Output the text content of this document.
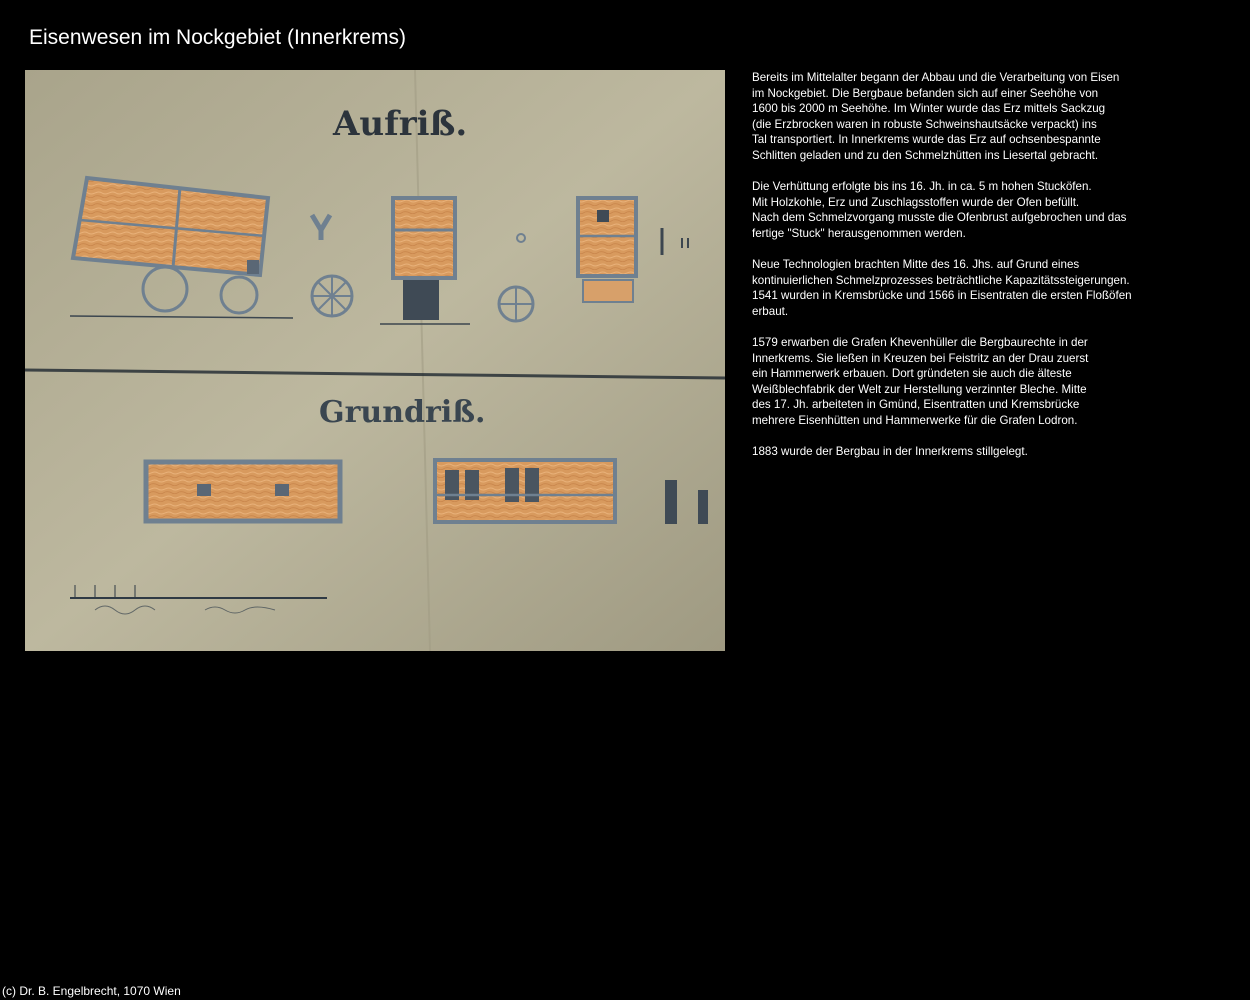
Eisenwesen im Nockgebiet (Innerkrems)
Aufriß.
Grundriß.

Bereits im Mittelalter begann der Abbau und die Verarbeitung von Eisen
im Nockgebiet. Die Bergbaue befanden sich auf einer Seehöhe von
1600 bis 2000 m Seehöhe. Im Winter wurde das Erz mittels Sackzug
(die Erzbrocken waren in robuste Schweinshautsäcke verpackt) ins
Tal transportiert. In Innerkrems wurde das Erz auf ochsenbespannte
Schlitten geladen und zu den Schmelzhütten ins Liesertal gebracht.

Die Verhüttung erfolgte bis ins 16. Jh. in ca. 5 m hohen Stucköfen.
Mit Holzkohle, Erz und Zuschlagsstoffen wurde der Ofen befüllt.
Nach dem Schmelzvorgang musste die Ofenbrust aufgebrochen und das
fertige "Stuck" herausgenommen werden.

Neue Technologien brachten Mitte des 16. Jhs. auf Grund eines
kontinuierlichen Schmelzprozesses beträchtliche Kapazitätssteigerungen.
1541 wurden in Kremsbrücke und 1566 in Eisentraten die ersten Floßöfen
erbaut.

1579 erwarben die Grafen Khevenhüller die Bergbaurechte in der
Innerkrems. Sie ließen in Kreuzen bei Feistritz an der Drau zuerst
ein Hammerwerk erbauen. Dort gründeten sie auch die älteste
Weißblechfabrik der Welt zur Herstellung verzinnter Bleche. Mitte
des 17. Jh. arbeiteten in Gmünd, Eisentratten und Kremsbrücke
mehrere Eisenhütten und Hammerwerke für die Grafen Lodron.

1883 wurde der Bergbau in der Innerkrems stillgelegt.

(c) Dr. B. Engelbrecht, 1070 Wien
